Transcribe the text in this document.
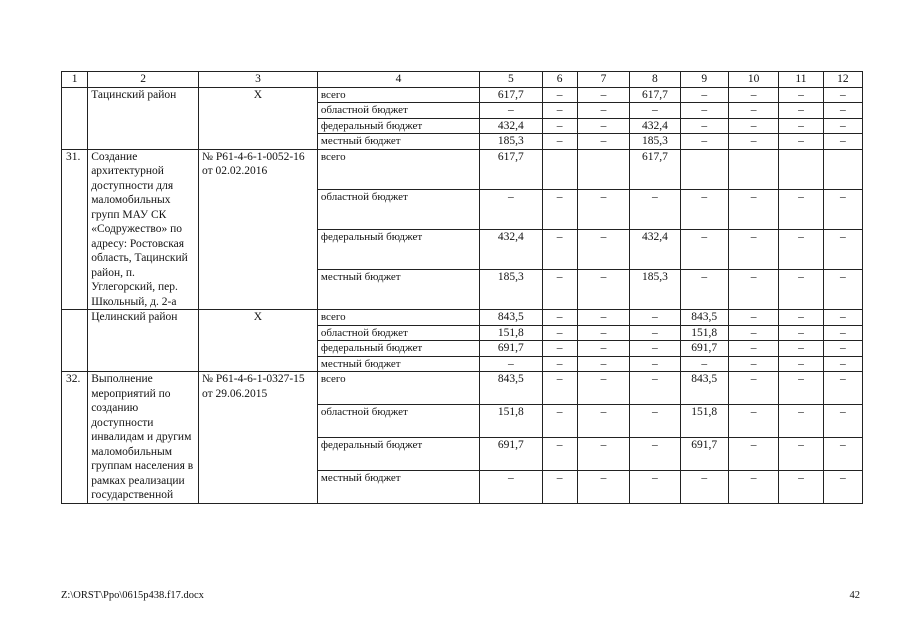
1	2	3	4	5	6	7	8	9	10	11	12
	Тацинский район	Х	всего	617,7	–	–	617,7	–	–	–	–
			областной бюджет	–	–	–	–	–	–	–	–
			федеральный бюджет	432,4	–	–	432,4	–	–	–	–
			местный бюджет	185,3	–	–	185,3	–	–	–	–
31.	Создание архитектурной доступности для маломобильных групп МАУ СК «Содружество» по адресу: Ростовская область, Тацинский район, п. Углегорский, пер. Школьный, д. 2-а	№ Р61-4-6-1-0052-16 от 02.02.2016	всего	617,7			617,7				
			областной бюджет	–	–	–	–	–	–	–	–
			федеральный бюджет	432,4	–	–	432,4	–	–	–	–
			местный бюджет	185,3	–	–	185,3	–	–	–	–
	Целинский район	Х	всего	843,5	–	–	–	843,5	–	–	–
			областной бюджет	151,8	–	–	–	151,8	–	–	–
			федеральный бюджет	691,7	–	–	–	691,7	–	–	–
			местный бюджет	–	–	–	–	–	–	–	–
32.	Выполнение мероприятий по созданию доступности инвалидам и другим маломобильным группам населения в рамках реализации государственной	№ Р61-4-6-1-0327-15 от 29.06.2015	всего	843,5	–	–	–	843,5	–	–	–
			областной бюджет	151,8	–	–	–	151,8	–	–	–
			федеральный бюджет	691,7	–	–	–	691,7	–	–	–
			местный бюджет	–	–	–	–	–	–	–	–
Z:\ORST\Ppo\0615p438.f17.docx	42
